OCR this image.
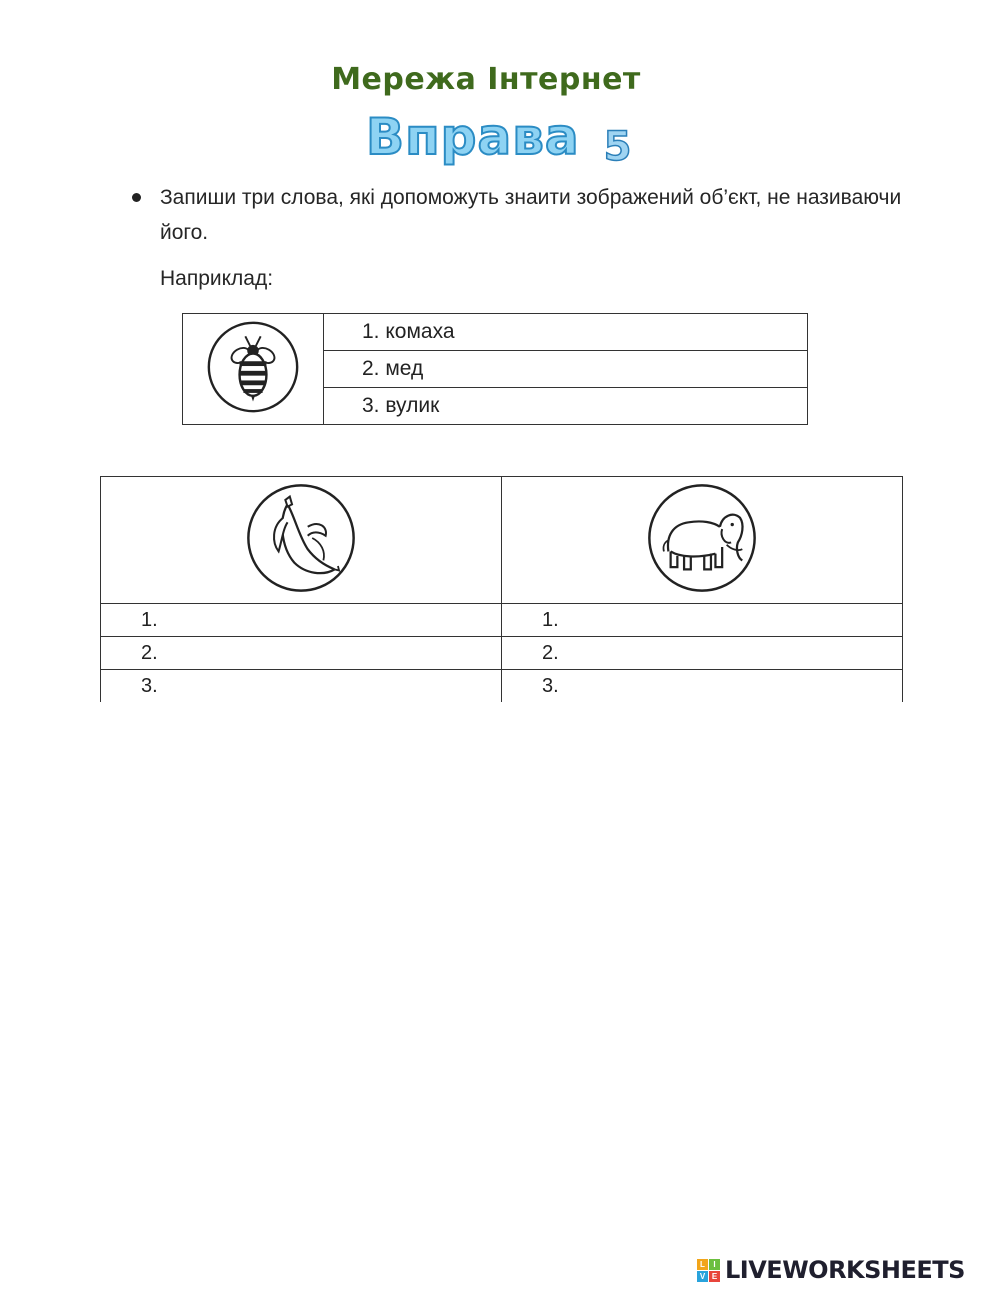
Мережа Інтернет
Вправа 5
Запиши три слова, які допоможуть знаити зображений об’єкт, не називаючи його.
Наприклад:
	1. комаха
2. мед
3. вулик

1.	1.
2.	2.
3.	3.
L	I
V E LIVEWORKSHEETS
